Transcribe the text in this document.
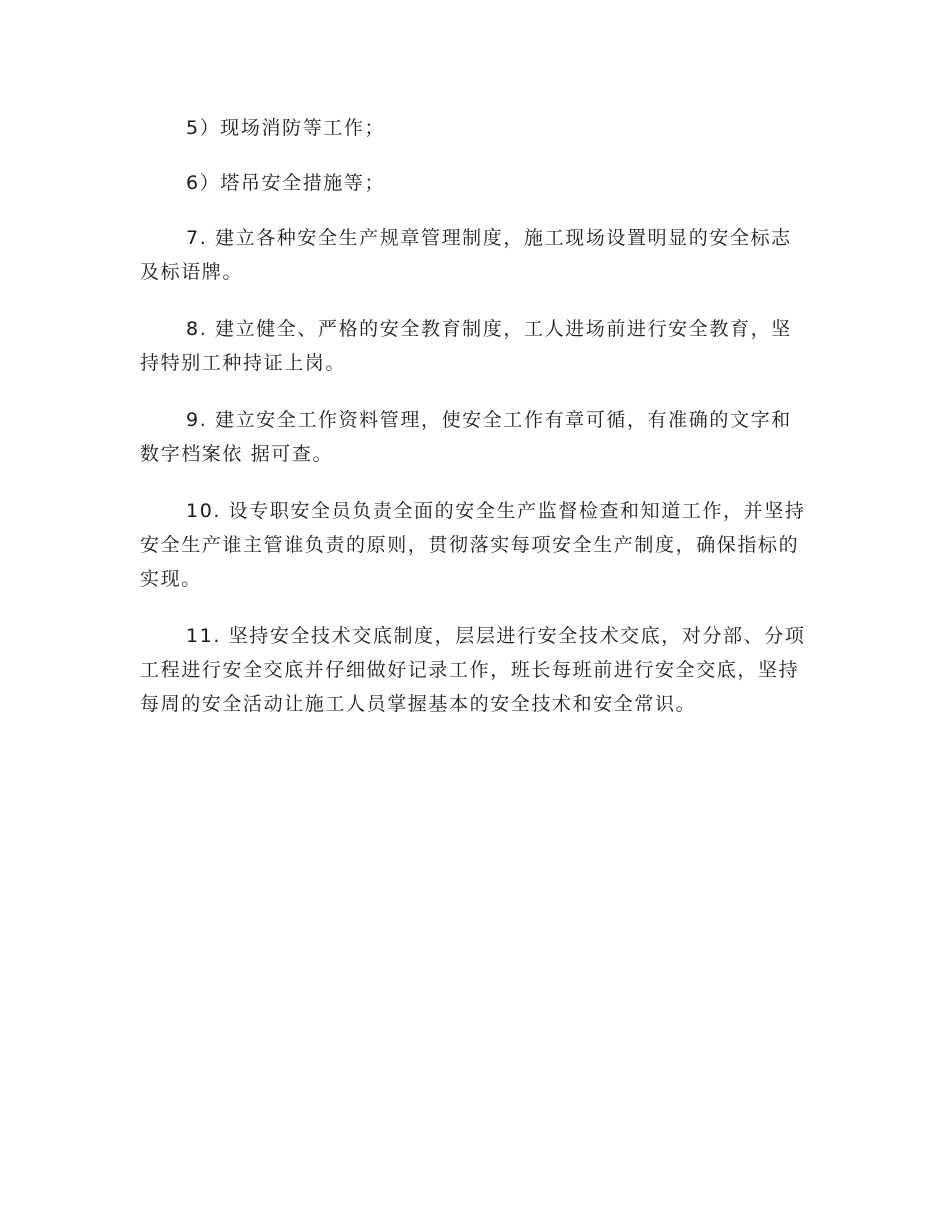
5）现场消防等工作；

6）塔吊安全措施等；

7. 建立各种安全生产规章管理制度，施工现场设置明显的安全标志及标语牌。

8. 建立健全、严格的安全教育制度，工人进场前进行安全教育，坚持特别工种持证上岗。

9. 建立安全工作资料管理，使安全工作有章可循，有准确的文字和数字档案依 据可查。

10. 设专职安全员负责全面的安全生产监督检查和知道工作，并坚持安全生产谁主管谁负责的原则，贯彻落实每项安全生产制度，确保指标的实现。

11. 坚持安全技术交底制度，层层进行安全技术交底，对分部、分项工程进行安全交底并仔细做好记录工作，班长每班前进行安全交底，坚持每周的安全活动让施工人员掌握基本的安全技术和安全常识。
